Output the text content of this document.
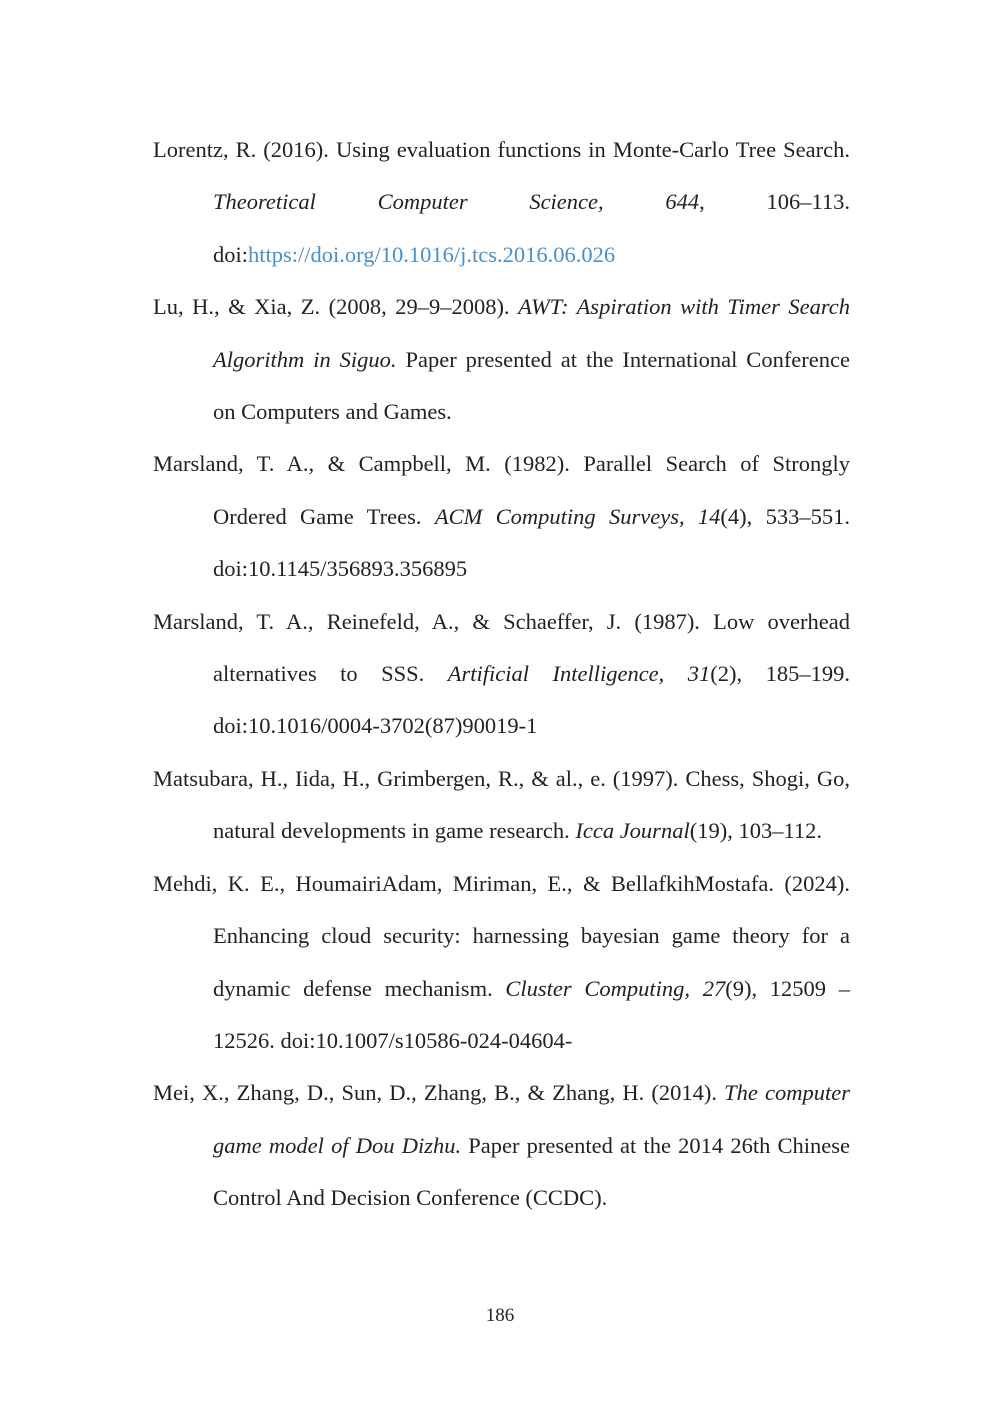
Lorentz, R. (2016). Using evaluation functions in Monte-Carlo Tree Search. Theoretical Computer Science, 644, 106–113. doi:https://doi.org/10.1016/j.tcs.2016.06.026

Lu, H., & Xia, Z. (2008, 29–9–2008). AWT: Aspiration with Timer Search Algorithm in Siguo. Paper presented at the International Conference on Computers and Games.

Marsland, T. A., & Campbell, M. (1982). Parallel Search of Strongly Ordered Game Trees. ACM Computing Surveys, 14(4), 533–551. doi:10.1145/356893.356895

Marsland, T. A., Reinefeld, A., & Schaeffer, J. (1987). Low overhead alternatives to SSS. Artificial Intelligence, 31(2), 185–199. doi:10.1016/0004-3702(87)90019-1

Matsubara, H., Iida, H., Grimbergen, R., & al., e. (1997). Chess, Shogi, Go, natural developments in game research. Icca Journal(19), 103–112.

Mehdi, K. E., HoumairiAdam, Miriman, E., & BellafkihMostafa. (2024). Enhancing cloud security: harnessing bayesian game theory for a dynamic defense mechanism. Cluster Computing, 27(9), 12509 – 12526. doi:10.1007/s10586-024-04604-

Mei, X., Zhang, D., Sun, D., Zhang, B., & Zhang, H. (2014). The computer game model of Dou Dizhu. Paper presented at the 2014 26th Chinese Control And Decision Conference (CCDC).

186
